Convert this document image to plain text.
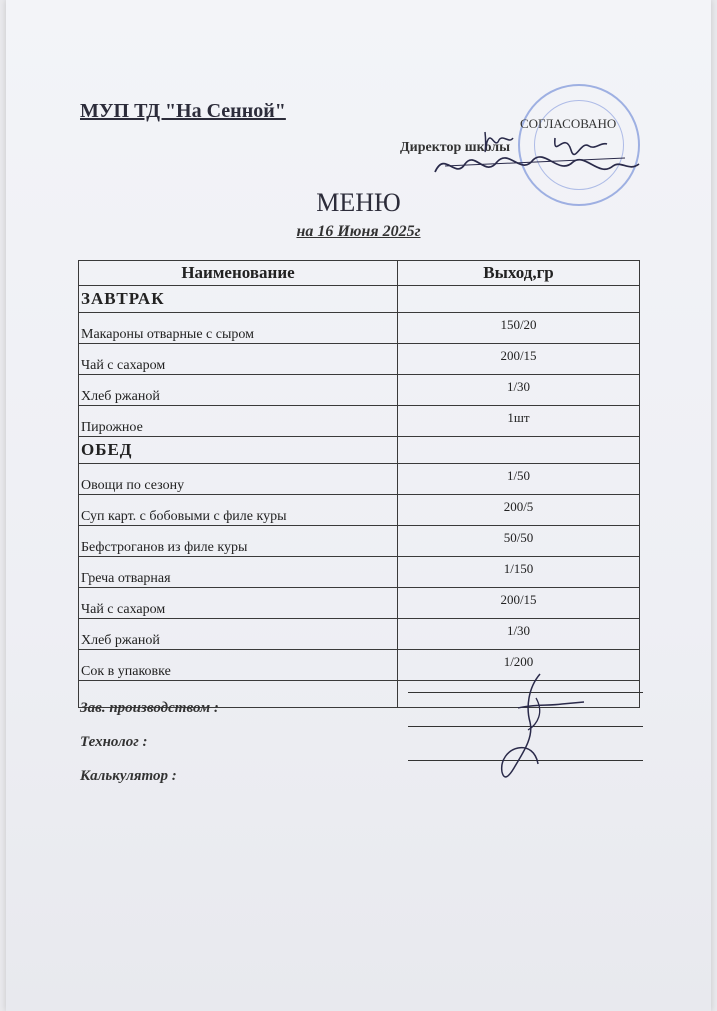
МУП ТД "На Сенной"
СОГЛАСОВАНО
Директор школы
МЕНЮ
на 16 Июня 2025г
Наименование	Выход,гр
ЗАВТРАК	
Макароны отварные с сыром	150/20
Чай с сахаром	200/15
Хлеб ржаной	1/30
Пирожное	1шт
ОБЕД	
Овощи по сезону	1/50
Суп карт. с бобовыми с филе куры	200/5
Бефстроганов из филе куры	50/50
Греча отварная	1/150
Чай с сахаром	200/15
Хлеб ржаной	1/30
Сок в упаковке	1/200

Зав. производством :
Технолог :
Калькулятор :
